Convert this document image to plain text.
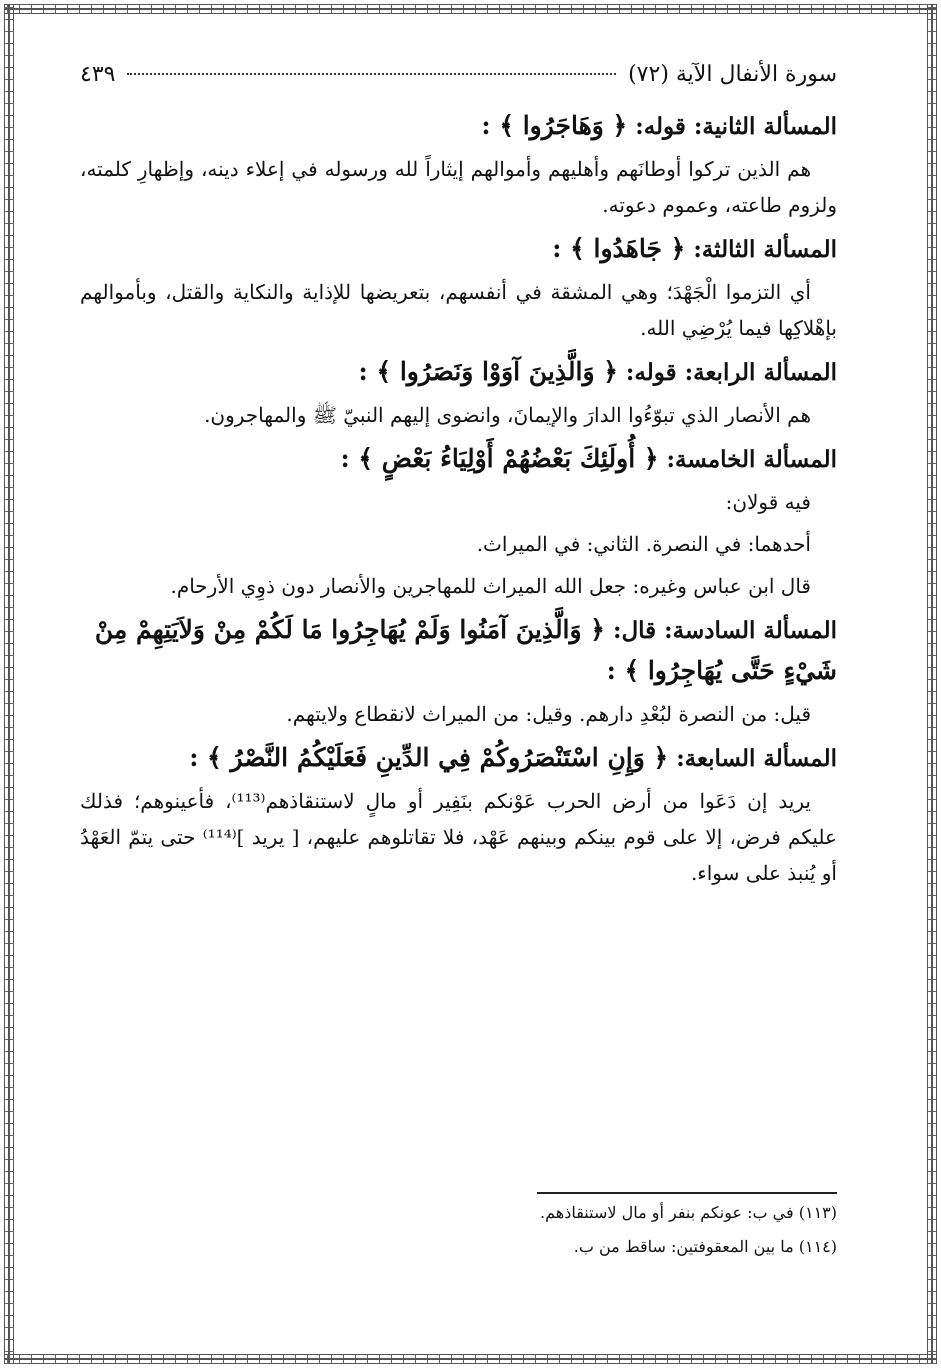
سورة الأنفال الآية (٧٢)
٤٣٩
المسألة الثانية: قوله: ﴿ وَهَاجَرُوا ﴾ :

هم الذين تركوا أوطانَهم وأهليهم وأموالهم إيثاراً لله ورسوله في إعلاء دينه، وإظهارِ كلمته، ولزوم طاعته، وعموم دعوته.

المسألة الثالثة: ﴿ جَاهَدُوا ﴾ :

أي التزموا الْجَهْدَ؛ وهي المشقة في أنفسهم، بتعريضها للإذاية والنكاية والقتل، وبأموالهم بإهْلاكِها فيما يُرْضِي الله.

المسألة الرابعة: قوله: ﴿ وَالَّذِينَ آوَوْا وَنَصَرُوا ﴾ :

هم الأنصار الذي تبوّءُوا الدارَ والإيمانَ، وانضوى إليهم النبيّ ﷺ والمهاجرون.

المسألة الخامسة: ﴿ أُولَئِكَ بَعْضُهُمْ أَوْلِيَاءُ بَعْضٍ ﴾ :

فيه قولان:

أحدهما: في النصرة. الثاني: في الميراث.

قال ابن عباس وغيره: جعل الله الميراث للمهاجرين والأنصار دون ذوِي الأرحام.

المسألة السادسة: قال: ﴿ وَالَّذِينَ آمَنُوا وَلَمْ يُهَاجِرُوا مَا لَكُمْ مِنْ وَلاَيَتِهِمْ مِنْ شَيْءٍ حَتَّى يُهَاجِرُوا ﴾ :

قيل: من النصرة لبُعْدِ دارهم. وقيل: من الميراث لانقطاع ولايتهم.

المسألة السابعة: ﴿ وَإِنِ اسْتَنْصَرُوكُمْ فِي الدِّينِ فَعَلَيْكُمُ النَّصْرُ ﴾ :

يريد إن دَعَوا من أرض الحرب عَوْنكم بنَفِير أو مالٍ لاستنقاذهم⁽¹¹³⁾، فأعينوهم؛ فذلك عليكم فرض، إلا على قوم بينكم وبينهم عَهْد، فلا تقاتلوهم عليهم، [ يريد ]⁽¹¹⁴⁾ حتى يتمّ العَهْدُ أو يُنبذ على سواء.

(١١٣) في ب: عونكم بنفر أو مال لاستنقاذهم.
(١١٤) ما بين المعقوفتين: ساقط من ب.
